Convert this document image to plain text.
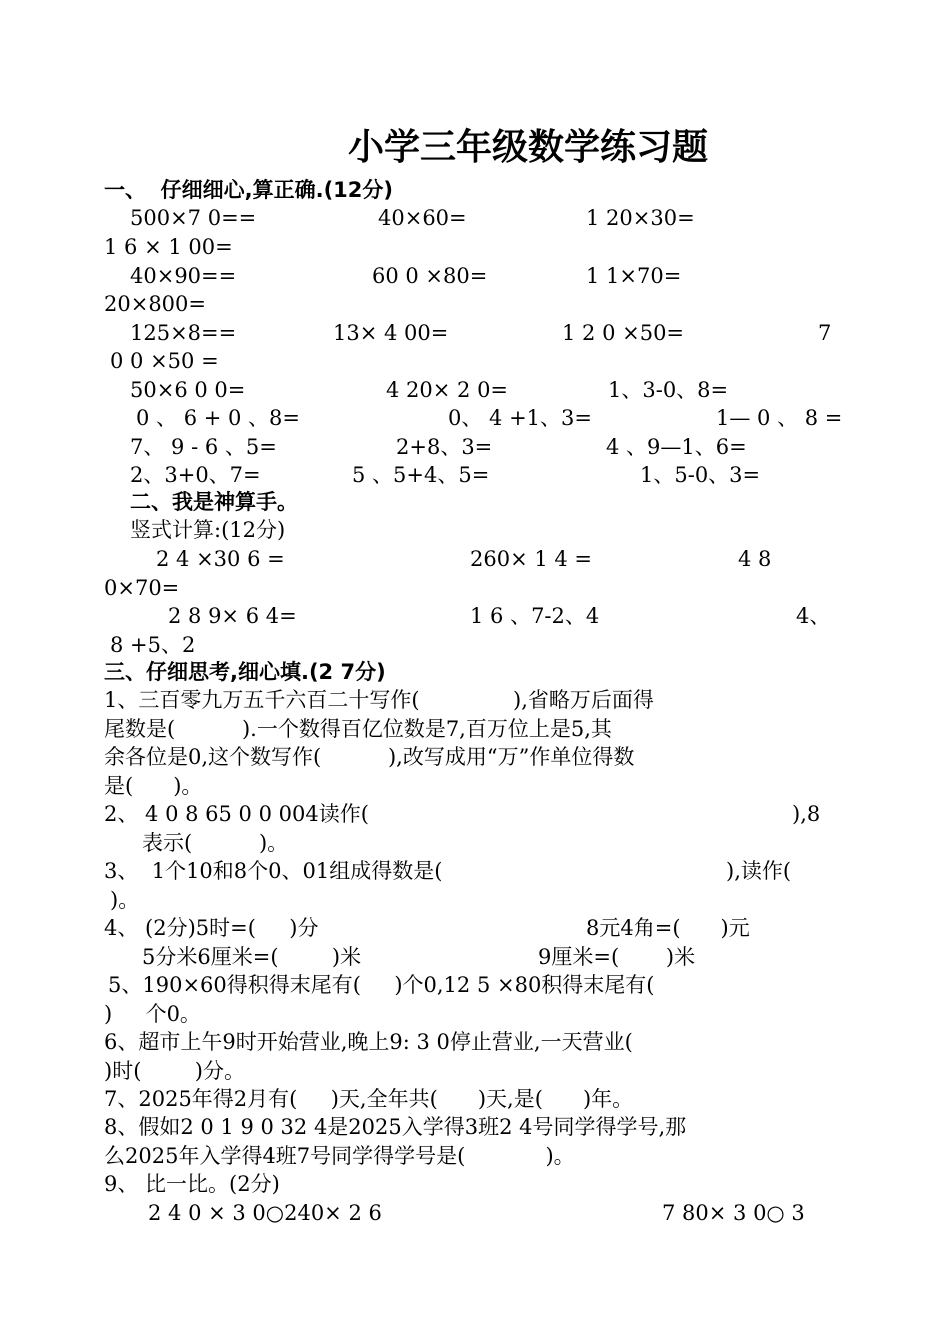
小学三年级数学练习题
一、  仔细细心,算正确.(12分)
500×7 0==	40×60=	1 20×30=
1 6 × 1 00=
40×90==	60 0 ×80=	1 1×70=
20×800=
125×8==	13× 4 00=	1 2 0 ×50=	7
0 0 ×50 =
50×6 0 0=	4 20× 2 0=	1、3-0、8=
0 、 6 + 0 、8=	0、 4 +1、3=	1— 0 、 8 =
7、 9 - 6 、5=	2+8、3=	4 、9—1、6=
2、3+0、7=	5 、5+4、5=	1、5-0、3=
二、我是神算手。
竖式计算:(12分)
2 4 ×30 6 =	260× 1 4 =	4 8
0×70=
2 8 9× 6 4=	1 6 、7-2、4	4、
8 +5、2
三、仔细思考,细心填.(2 7分)
1、三百零九万五千六百二十写作(              ),省略万后面得
尾数是(          ).一个数得百亿位数是7,百万位上是5,其
余各位是0,这个数写作(          ),改写成用“万”作单位得数
是(      )。
2、 4 0 8 65 0 0 004读作(	),8
表示(          )。
3、  1个10和8个0、01组成得数是(	),读作(
)。
4、 (2分)5时=(     )分	8元4角=(      )元
5分米6厘米=(        )米	9厘米=(       )米
5、190×60得积得末尾有(     )个0,12 5 ×80积得末尾有(
)     个0。
6、超市上午9时开始营业,晚上9: 3 0停止营业,一天营业(
)时(        )分。
7、2025年得2月有(     )天,全年共(      )天,是(      )年。
8、假如2 0 1 9 0 32 4是2025入学得3班2 4号同学得学号,那
么2025年入学得4班7号同学得学号是(            )。
9、 比一比。(2分)
2 4 0 × 3 0○240× 2 6	7 80× 3 0○ 3
